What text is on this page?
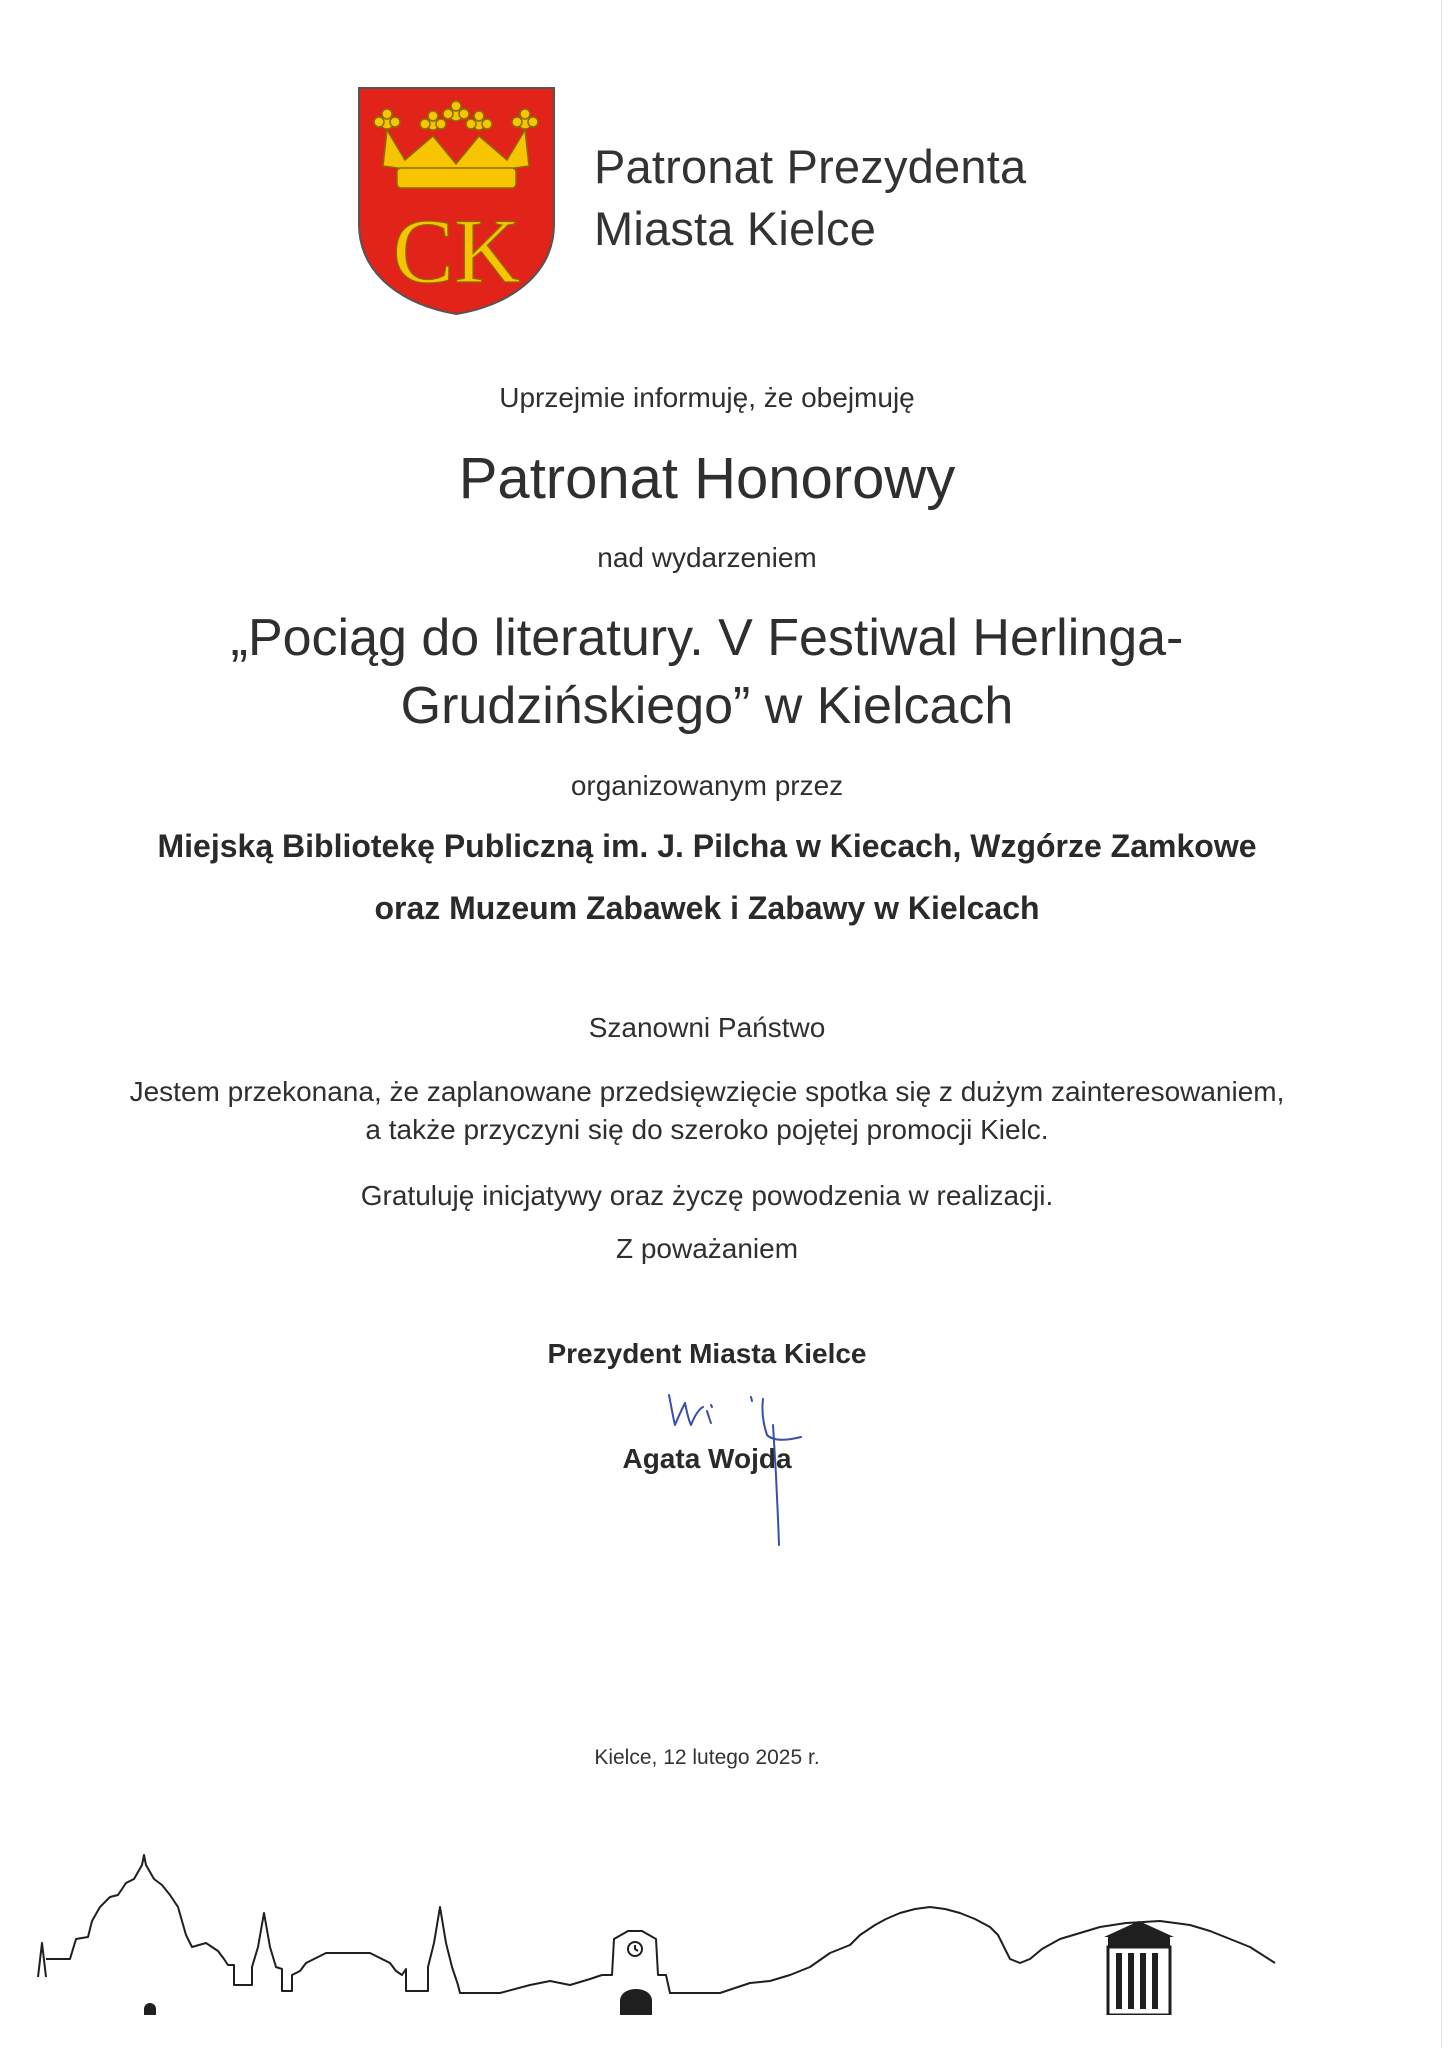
CK
Patronat Prezydenta
Miasta Kielce
Uprzejmie informuję, że obejmuję
Patronat Honorowy
nad wydarzeniem
„Pociąg do literatury. V Festiwal Herlinga-
Grudzińskiego” w Kielcach
organizowanym przez
Miejską Bibliotekę Publiczną im. J. Pilcha w Kiecach, Wzgórze Zamkowe
oraz Muzeum Zabawek i Zabawy w Kielcach
Szanowni Państwo
Jestem przekonana, że zaplanowane przedsięwzięcie spotka się z dużym zainteresowaniem,
a także przyczyni się do szeroko pojętej promocji Kielc.
Gratuluję inicjatywy oraz życzę powodzenia w realizacji.
Z poważaniem
Prezydent Miasta Kielce
Agata Wojda
Kielce, 12 lutego 2025 r.
